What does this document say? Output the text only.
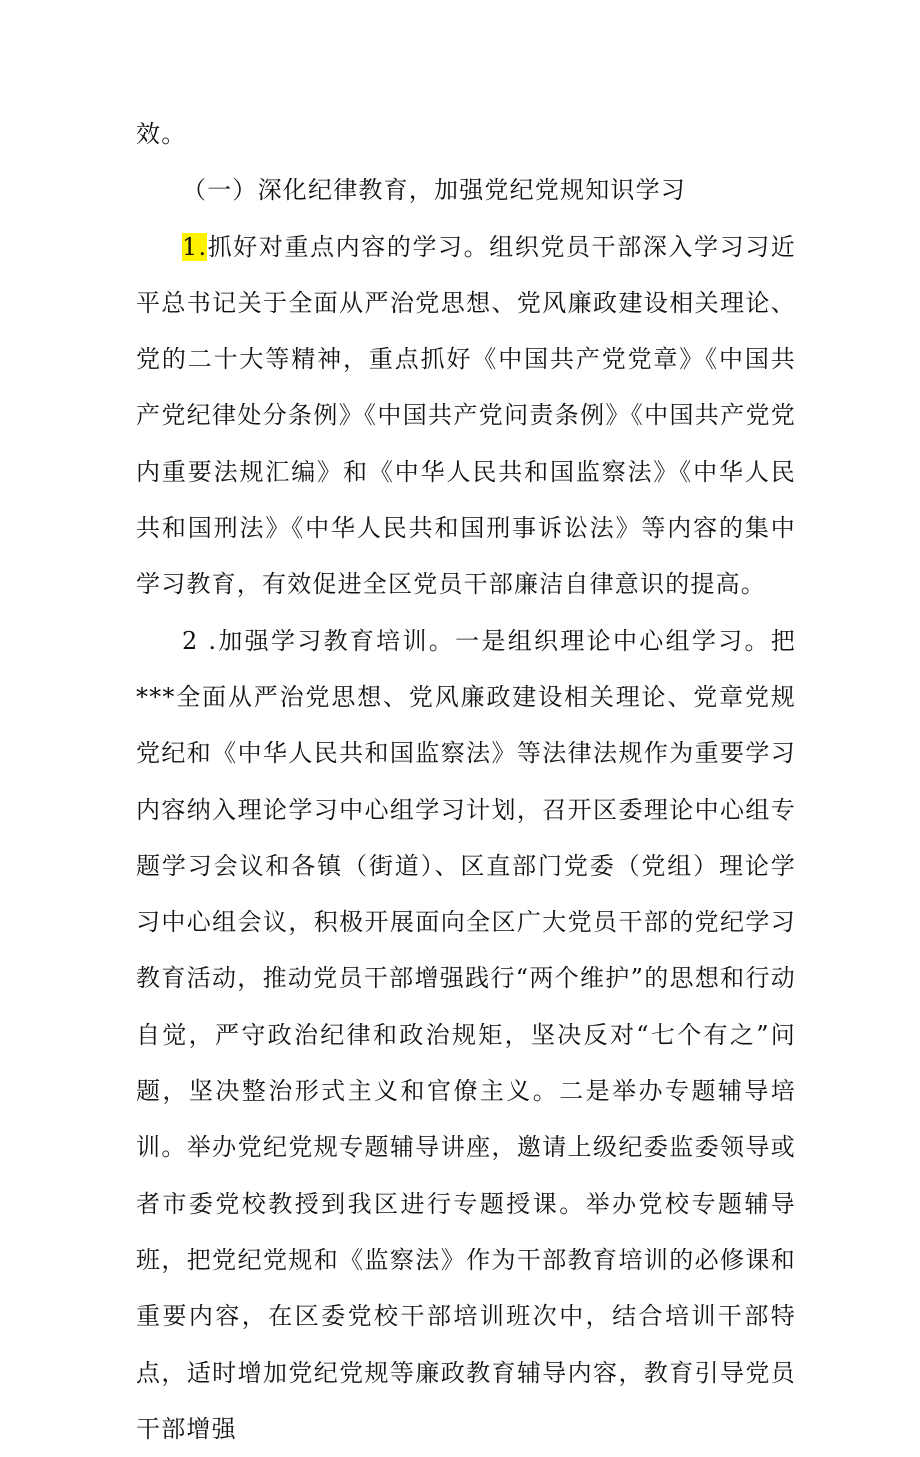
效。

（一）深化纪律教育，加强党纪党规知识学习

1.抓好对重点内容的学习。组织党员干部深入学习习近平总书记关于全面从严治党思想、党风廉政建设相关理论、党的二十大等精神，重点抓好《中国共产党党章》《中国共产党纪律处分条例》《中国共产党问责条例》《中国共产党党内重要法规汇编》和《中华人民共和国监察法》《中华人民共和国刑法》《中华人民共和国刑事诉讼法》等内容的集中学习教育，有效促进全区党员干部廉洁自律意识的提高。

2 .加强学习教育培训。一是组织理论中心组学习。把***全面从严治党思想、党风廉政建设相关理论、党章党规党纪和《中华人民共和国监察法》等法律法规作为重要学习内容纳入理论学习中心组学习计划，召开区委理论中心组专题学习会议和各镇（街道）、区直部门党委（党组）理论学习中心组会议，积极开展面向全区广大党员干部的党纪学习教育活动，推动党员干部增强践行“两个维护”的思想和行动自觉，严守政治纪律和政治规矩，坚决反对“七个有之”问题，坚决整治形式主义和官僚主义。二是举办专题辅导培训。举办党纪党规专题辅导讲座，邀请上级纪委监委领导或者市委党校教授到我区进行专题授课。举办党校专题辅导班，把党纪党规和《监察法》作为干部教育培训的必修课和重要内容，在区委党校干部培训班次中，结合培训干部特点，适时增加党纪党规等廉政教育辅导内容，教育引导党员干部增强
